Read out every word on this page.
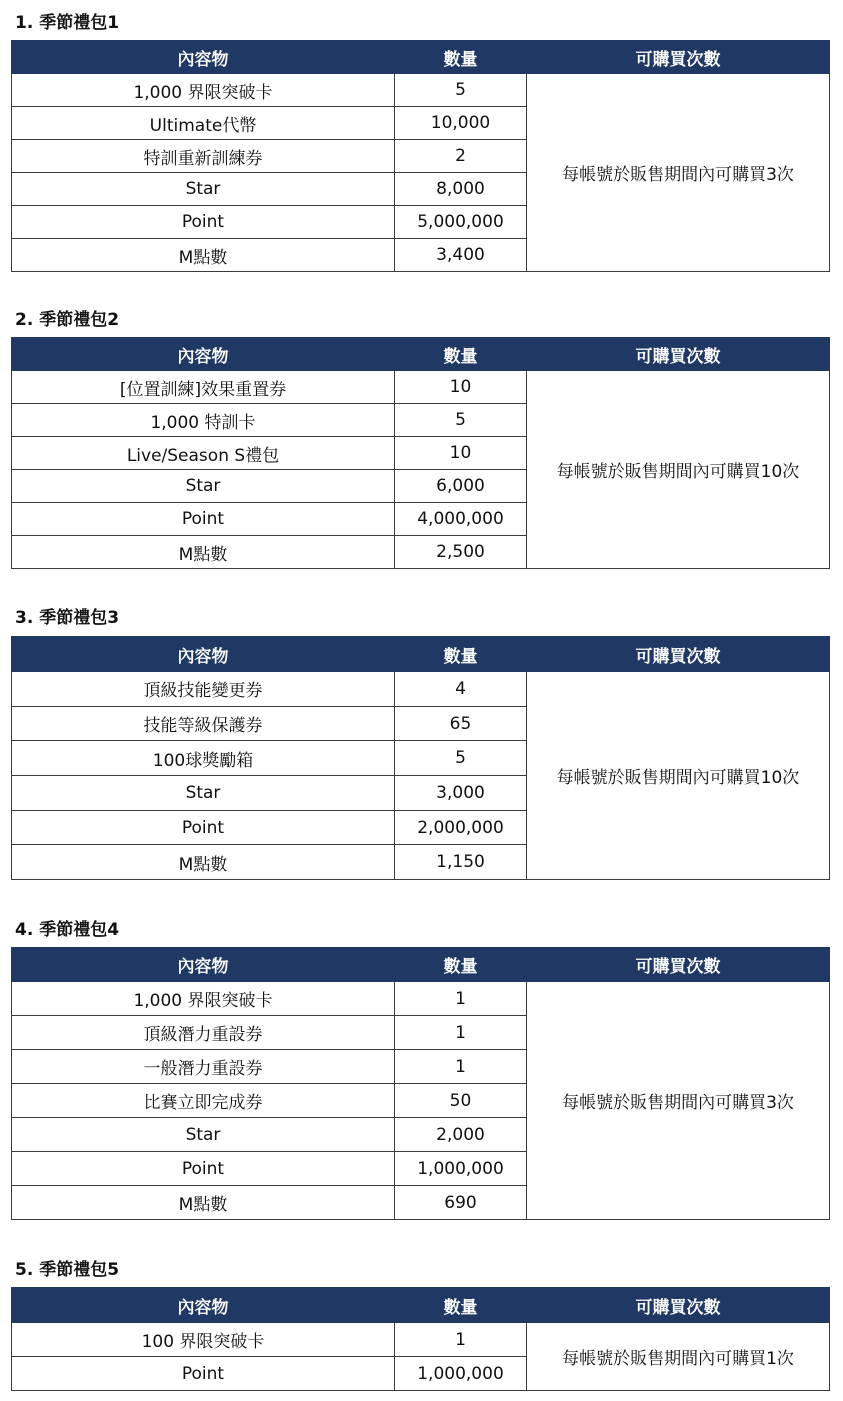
1. 季節禮包1
內容物	數量	可購買次數
1,000 界限突破卡	5	每帳號於販售期間內可購買3次
Ultimate代幣	10,000	
特訓重新訓練券	2	
Star	8,000	
Point	5,000,000	
M點數	3,400	
2. 季節禮包2
內容物	數量	可購買次數
[位置訓練]效果重置券	10	每帳號於販售期間內可購買10次
1,000 特訓卡	5	
Live/Season S禮包	10	
Star	6,000	
Point	4,000,000	
M點數	2,500	
3. 季節禮包3
內容物	數量	可購買次數
頂級技能變更券	4	每帳號於販售期間內可購買10次
技能等級保護券	65	
100球獎勵箱	5	
Star	3,000	
Point	2,000,000	
M點數	1,150	
4. 季節禮包4
內容物	數量	可購買次數
1,000 界限突破卡	1	每帳號於販售期間內可購買3次
頂級潛力重設券	1	
一般潛力重設券	1	
比賽立即完成券	50	
Star	2,000	
Point	1,000,000	
M點數	690	
5. 季節禮包5
內容物	數量	可購買次數
100 界限突破卡	1	每帳號於販售期間內可購買1次
Point	1,000,000	
